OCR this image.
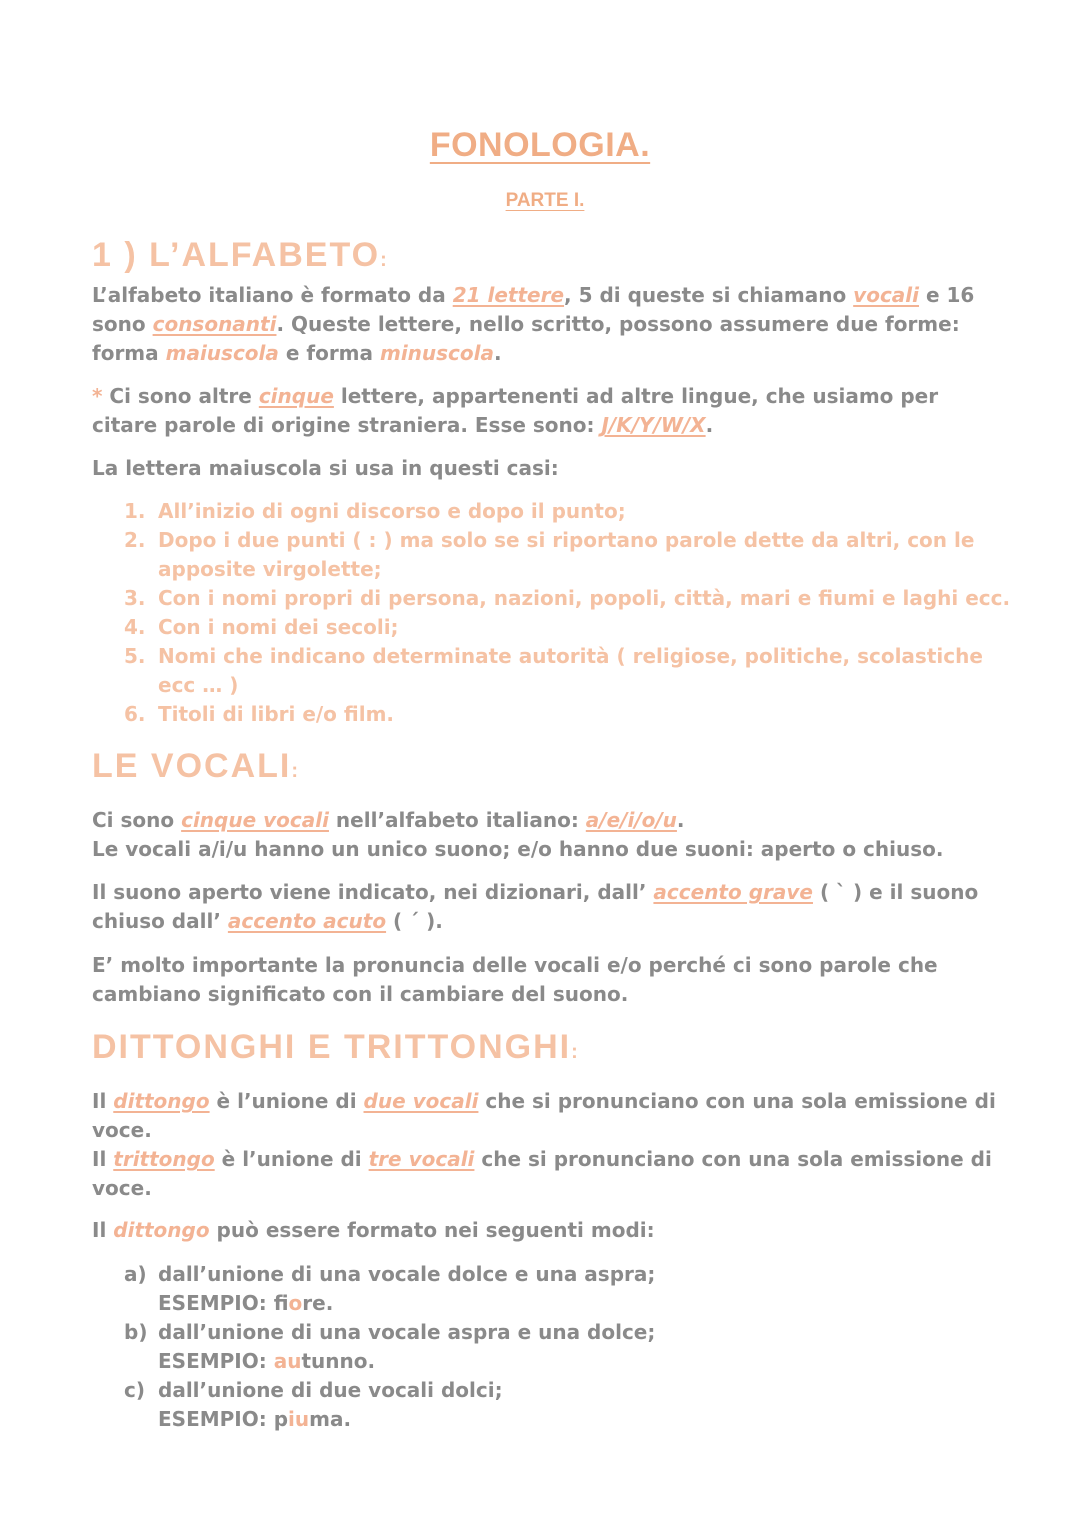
FONOLOGIA.
PARTE I.
1 ) L’ALFABETO:
L’alfabeto italiano è formato da 21 lettere, 5 di queste si chiamano vocali e 16
sono consonanti. Queste lettere, nello scritto, possono assumere due forme:
forma maiuscola e forma minuscola.
* Ci sono altre cinque lettere, appartenenti ad altre lingue, che usiamo per
citare parole di origine straniera. Esse sono: J/K/Y/W/X.
La lettera maiuscola si usa in questi casi:
1. All’inizio di ogni discorso e dopo il punto;
2. Dopo i due punti ( : ) ma solo se si riportano parole dette da altri, con le
apposite virgolette;
3. Con i nomi propri di persona, nazioni, popoli, città, mari e fiumi e laghi ecc.
4. Con i nomi dei secoli;
5. Nomi che indicano determinate autorità ( religiose, politiche, scolastiche
ecc … )
6. Titoli di libri e/o film.
LE VOCALI:
Ci sono cinque vocali nell’alfabeto italiano: a/e/i/o/u.
Le vocali a/i/u hanno un unico suono; e/o hanno due suoni: aperto o chiuso.
Il suono aperto viene indicato, nei dizionari, dall’ accento grave ( ` ) e il suono
chiuso dall’ accento acuto ( ´ ).
E’ molto importante la pronuncia delle vocali e/o perché ci sono parole che
cambiano significato con il cambiare del suono.
DITTONGHI E TRITTONGHI:
Il dittongo è l’unione di due vocali che si pronunciano con una sola emissione di
voce.
Il trittongo è l’unione di tre vocali che si pronunciano con una sola emissione di
voce.
Il dittongo può essere formato nei seguenti modi:
a) dall’unione di una vocale dolce e una aspra;
ESEMPIO: fiore.
b) dall’unione di una vocale aspra e una dolce;
ESEMPIO: autunno.
c) dall’unione di due vocali dolci;
ESEMPIO: piuma.
